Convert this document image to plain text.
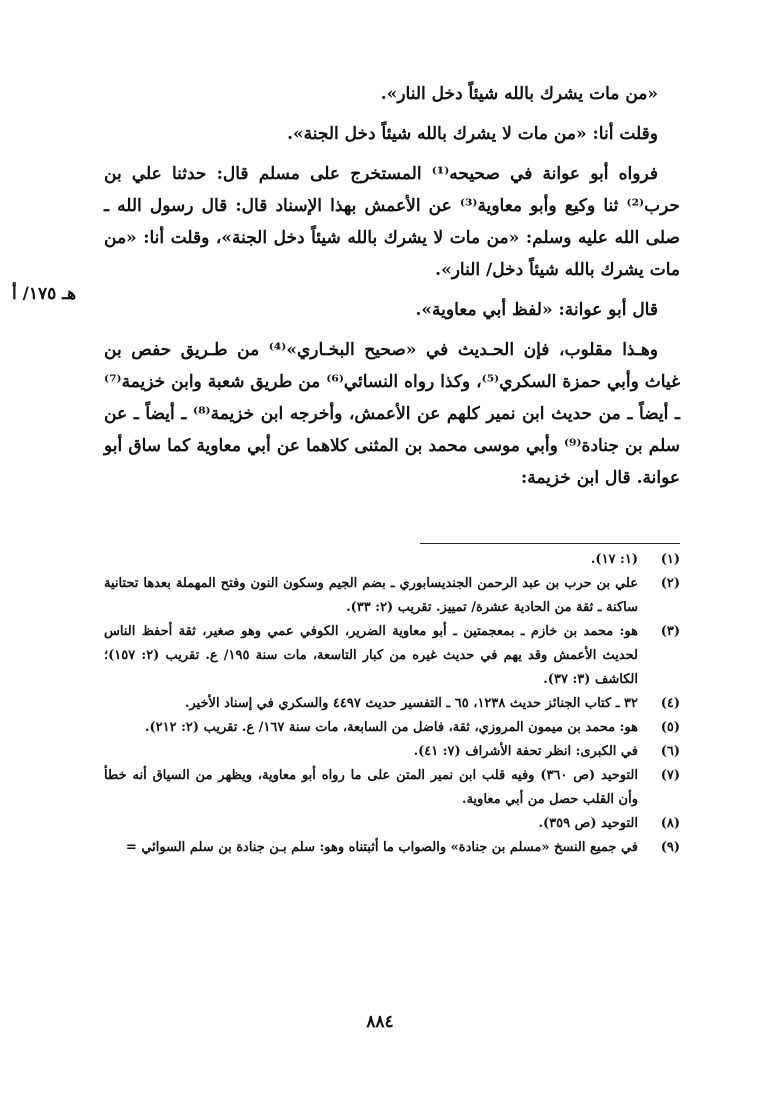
«من مات يشرك بالله شيئاً دخل النار».

وقلت أنا: «من مات لا يشرك بالله شيئاً دخل الجنة».

فرواه أبو عوانة في صحيحه⁽¹⁾ المستخرج على مسلم قال: حدثنا علي بن حرب⁽²⁾ ثنا وكيع وأبو معاوية⁽³⁾ عن الأعمش بهذا الإسناد قال: قال رسول الله ـ صلى الله عليه وسلم: «من مات لا يشرك بالله شيئاً دخل الجنة»، وقلت أنا: «من مات يشرك بالله شيئاً دخل/ النار».

قال أبو عوانة: «لفظ أبي معاوية».

وهـذا مقلوب، فإن الحـديث في «صحيح البخـاري»⁽⁴⁾ من طـريق حفص بن غياث وأبي حمزة السكري⁽⁵⁾، وكذا رواه النسائي⁽⁶⁾ من طريق شعبة وابن خزيمة⁽⁷⁾ ـ أيضاً ـ من حديث ابن نمير كلهم عن الأعمش، وأخرجه ابن خزيمة⁽⁸⁾ ـ أيضاً ـ عن سلم بن جنادة⁽⁹⁾ وأبي موسى محمد بن المثنى كلاهما عن أبي معاوية كما ساق أبو عوانة. قال ابن خزيمة:

هـ ١٧٥/ أ
(١)
(١: ١٧).
(٢)
علي بن حرب بن عبد الرحمن الجنديسابوري ـ بضم الجيم وسكون النون وفتح المهملة بعدها تحتانية ساكنة ـ ثقة من الحادية عشرة/ تمييز. تقريب (٢: ٣٣).
(٣)
هو: محمد بن خازم ـ بمعجمتين ـ أبو معاوية الضرير، الكوفي عمي وهو صغير، ثقة أحفظ الناس لحديث الأعمش وقد يهم في حديث غيره من كبار التاسعة، مات سنة ١٩٥/ ع. تقريب (٢: ١٥٧)؛ الكاشف (٣: ٣٧).
(٤)
٣٢ ـ كتاب الجنائز حديث ١٢٣٨، ٦٥ ـ التفسير حديث ٤٤٩٧ والسكري في إسناد الأخير.
(٥)
هو: محمد بن ميمون المروزي، ثقة، فاضل من السابعة، مات سنة ١٦٧/ ع. تقريب (٢: ٢١٢).
(٦)
في الكبرى: انظر تحفة الأشراف (٧: ٤١).
(٧)
التوحيد (ص ٣٦٠) وفيه قلب ابن نمير المتن على ما رواه أبو معاوية، ويظهر من السياق أنه خطأ وأن القلب حصل من أبي معاوية.
(٨)
التوحيد (ص ٣٥٩).
(٩)
في جميع النسخ «مسلم بن جنادة» والصواب ما أثبتناه وهو: سلم بـن جنادة بن سلم السوائي =
٨٨٤
